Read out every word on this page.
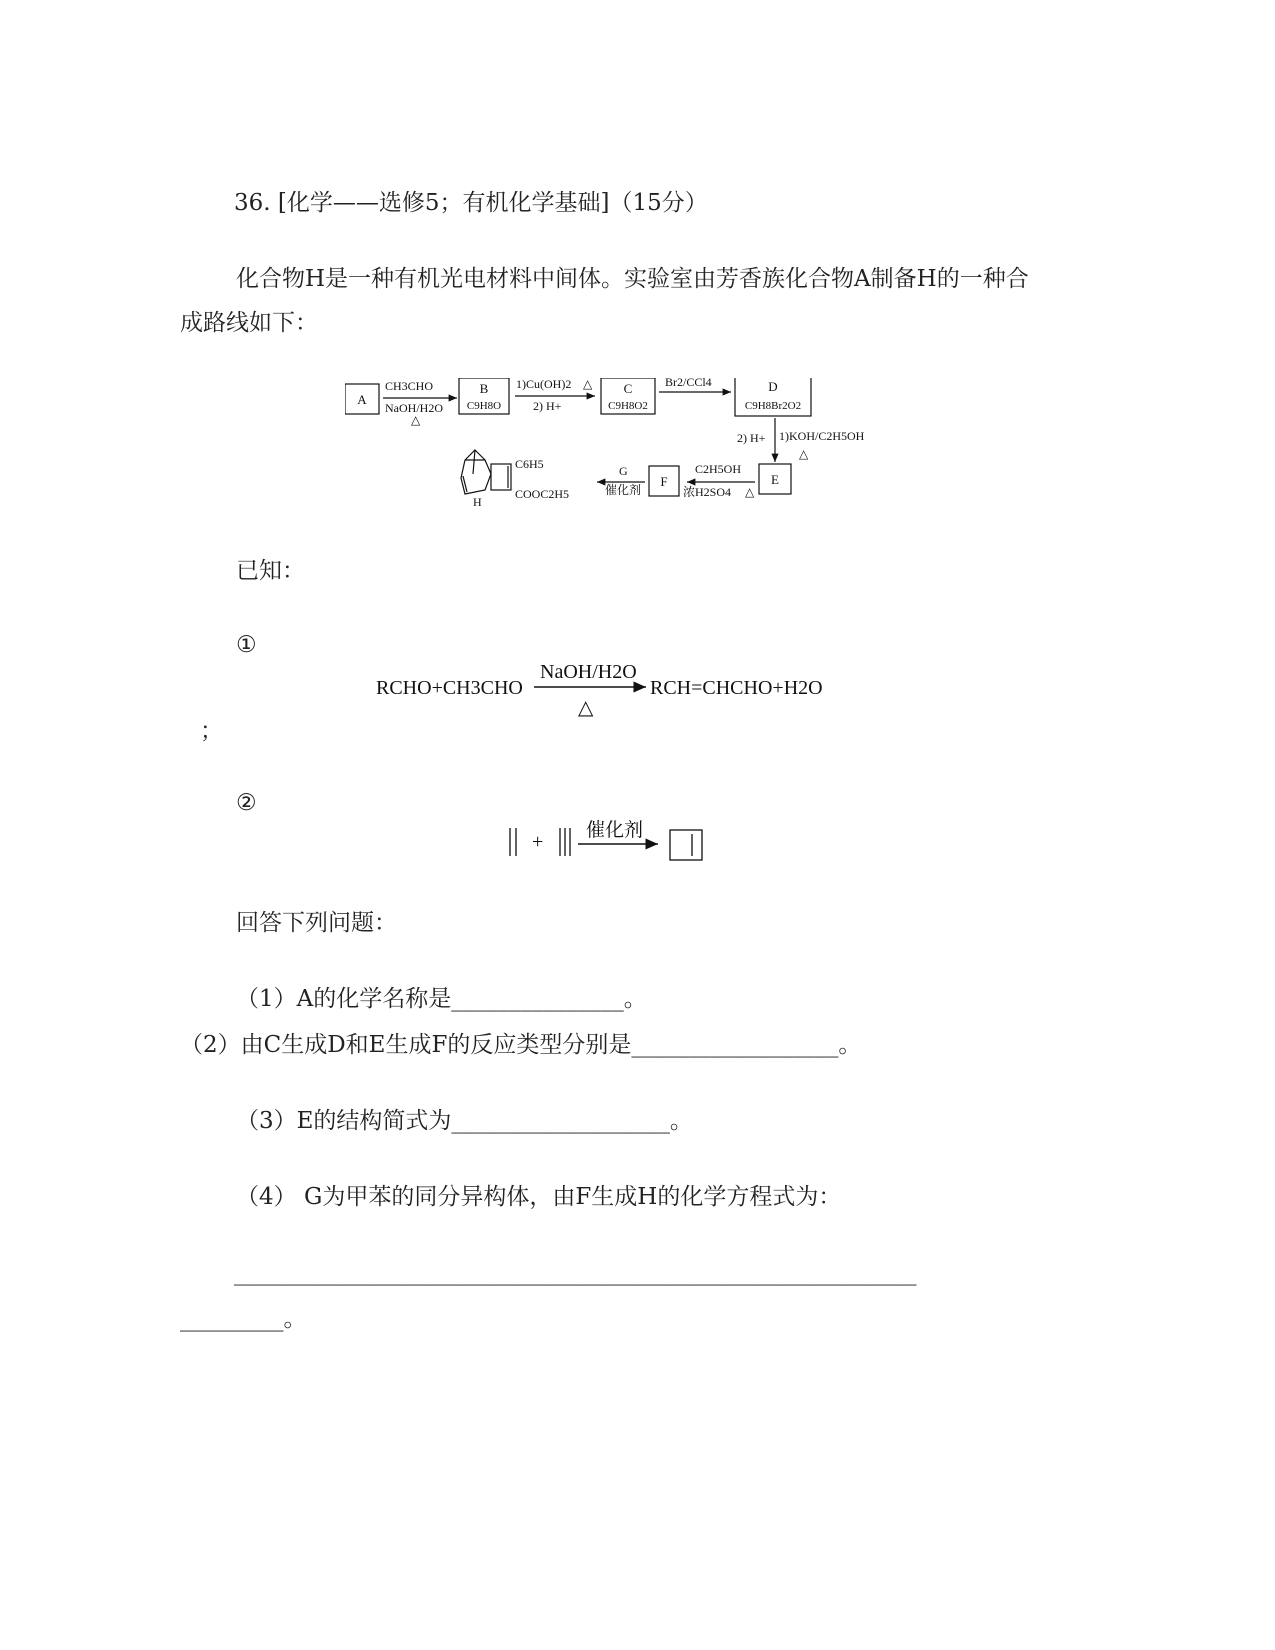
36. [化学——选修5；有机化学基础]（15分）
化合物H是一种有机光电材料中间体。实验室由芳香族化合物A制备H的一种合
成路线如下：
A
CH3CHO
NaOH/H2O
△
B
C9H8O
1)Cu(OH)2 △
2) H+
C
C9H8O2
Br2/CCl4	D
C9H8Br2O2
1)KOH/C2H5OH
△
2) H+
E
C2H5OH
浓H2SO4 △
F
G
催化剂
C6H5
COOC2H5
H
已知：
①
RCHO+CH3CHO
NaOH/H2O
△
RCH=CHCHO+H2O
；
②
+
催化剂
回答下列问题：
（1）A的化学名称是_______________。
（2）由C生成D和E生成F的反应类型分别是__________________。
（3）E的结构简式为___________________。
（4） G为甲苯的同分异构体，由F生成H的化学方程式为：
______________________________________________________________
_________。
